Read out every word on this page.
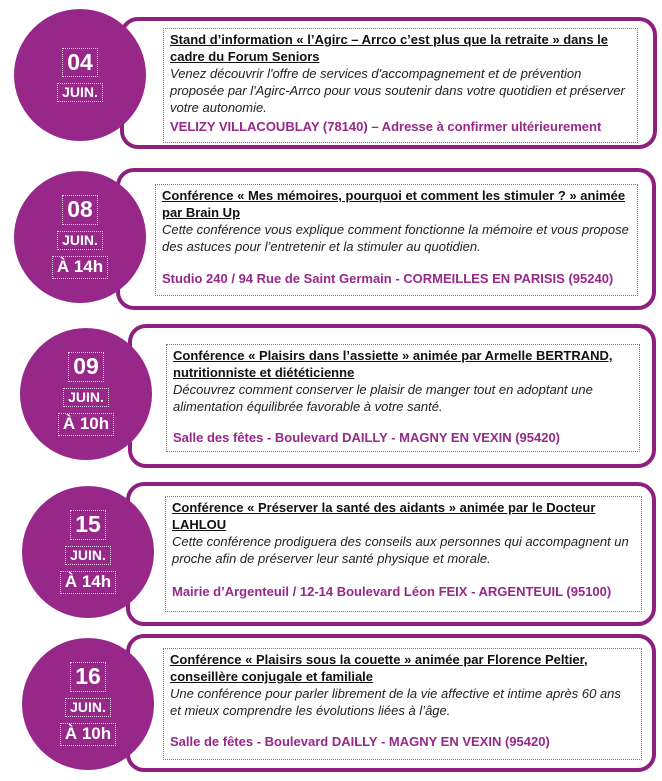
04
JUIN.

Stand d’information « l’Agirc – Arrco c’est plus que la retraite » dans le cadre du Forum Seniors

Venez découvrir l'offre de services d'accompagnement et de prévention proposée par l'Agirc-Arrco pour vous soutenir dans votre quotidien et préserver votre autonomie.

VELIZY VILLACOUBLAY (78140) – Adresse à confirmer ultérieurement

08
JUIN.
À 14h

Conférence « Mes mémoires, pourquoi et comment les stimuler ? » animée par Brain Up

Cette conférence vous explique comment fonctionne la mémoire et vous propose des astuces pour l’entretenir et la stimuler au quotidien.

Studio 240 / 94 Rue de Saint Germain - CORMEILLES EN PARISIS (95240)

09
JUIN.
À 10h

Conférence « Plaisirs dans l’assiette » animée par Armelle BERTRAND, nutritionniste et diététicienne

Découvrez comment conserver le plaisir de manger tout en adoptant une alimentation équilibrée favorable à votre santé.

Salle des fêtes - Boulevard DAILLY - MAGNY EN VEXIN (95420)

15
JUIN.
À 14h

Conférence « Préserver la santé des aidants » animée par le Docteur LAHLOU

Cette conférence prodiguera des conseils aux personnes qui accompagnent un proche afin de préserver leur santé physique et morale.

Mairie d’Argenteuil / 12-14 Boulevard Léon FEIX - ARGENTEUIL (95100)

16
JUIN.
À 10h

Conférence « Plaisirs sous la couette » animée par Florence Peltier, conseillère conjugale et familiale

Une conférence pour parler librement de la vie affective et intime après 60 ans et mieux comprendre les évolutions liées à l’âge.

Salle de fêtes - Boulevard DAILLY - MAGNY EN VEXIN (95420)
